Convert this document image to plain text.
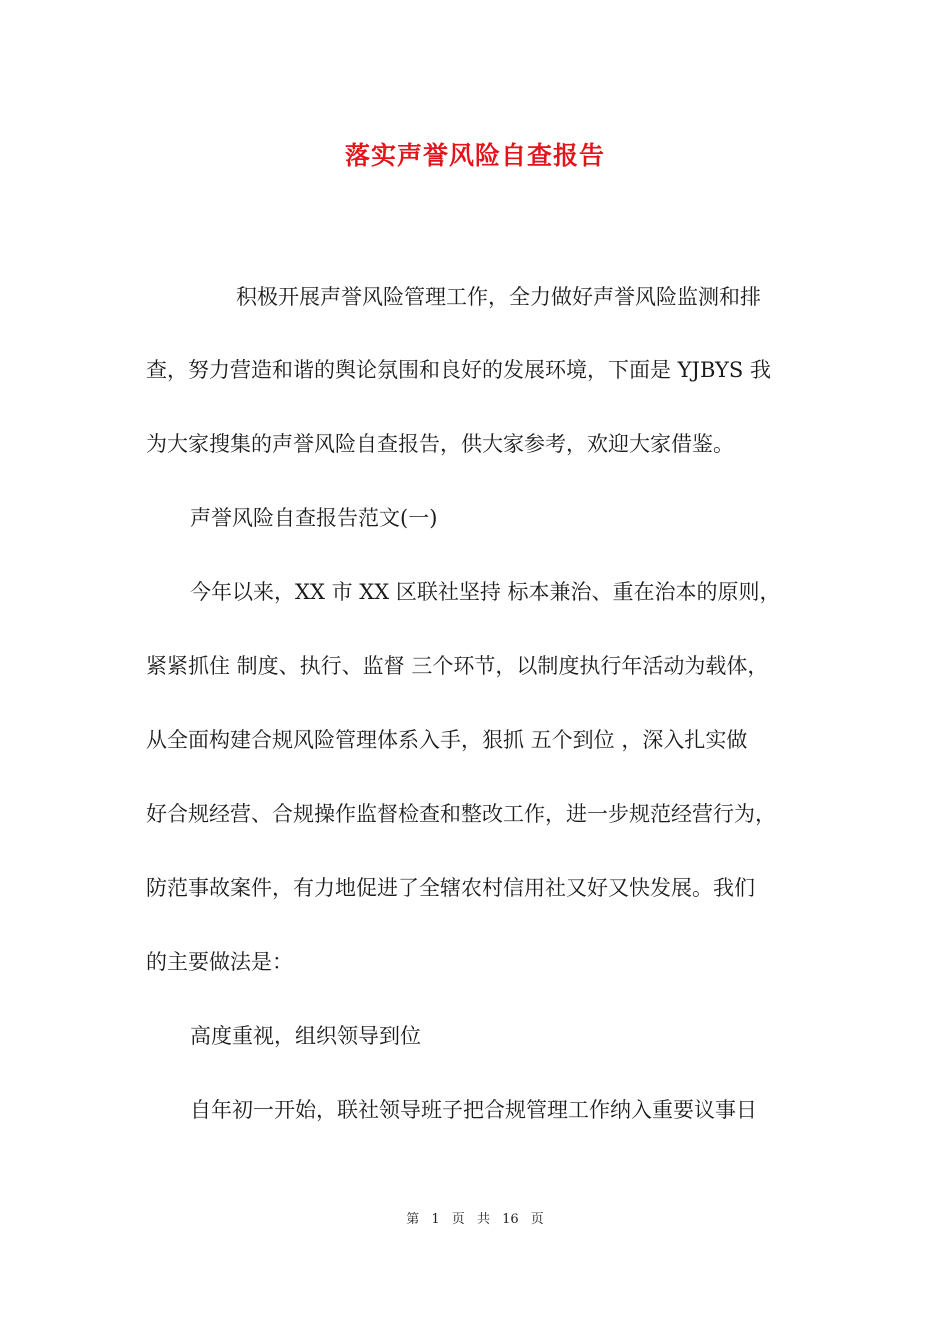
落实声誉风险自查报告
积极开展声誉风险管理工作，全力做好声誉风险监测和排
查，努力营造和谐的舆论氛围和良好的发展环境，下面是 YJBYS 我
为大家搜集的声誉风险自查报告，供大家参考，欢迎大家借鉴。
声誉风险自查报告范文(一)
今年以来，XX 市 XX 区联社坚持 标本兼治、重在治本的原则，
紧紧抓住 制度、执行、监督 三个环节，以制度执行年活动为载体，
从全面构建合规风险管理体系入手，狠抓 五个到位 ，深入扎实做
好合规经营、合规操作监督检查和整改工作，进一步规范经营行为，
防范事故案件，有力地促进了全辖农村信用社又好又快发展。我们
的主要做法是：
高度重视，组织领导到位
自年初一开始，联社领导班子把合规管理工作纳入重要议事日
第 1 页 共 16 页
